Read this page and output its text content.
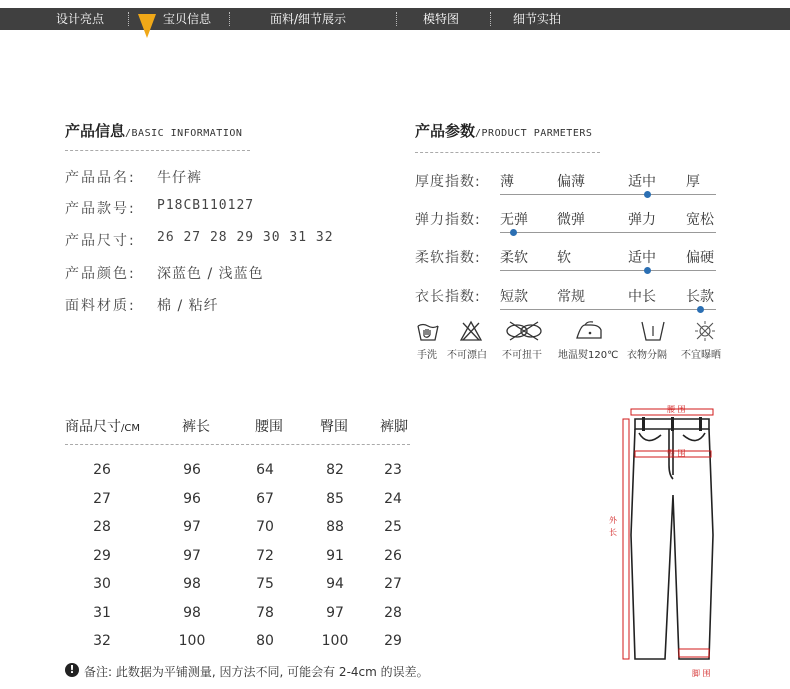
设计亮点	宝贝信息	面料/细节展示	模特图	细节实拍
产品信息/BASIC INFORMATION
产品品名: 牛仔裤
产品款号: P18CB110127
产品尺寸: 26 27 28 29 30 31 32
产品颜色: 深蓝色 / 浅蓝色
面料材质: 棉 / 粘纤
产品参数/PRODUCT PARMETERS
厚度指数: 薄	偏薄	适中 厚
弹力指数: 无弹 微弹	弹力 宽松
柔软指数: 柔软 软	适中 偏硬
衣长指数: 短款 常规	中长 长款
手洗 不可漂白 不可扭干 地温熨120℃ 衣物分隔 不宜曝晒
商品尺寸/CM	裤长	腰围	臀围 裤脚
26	96	64	82	23
27	96	67	85	24
28	97	70	88	25
29	97	72	91	26
30	98	75	94	27
31	98	78	97	28
32	100	80	100	29
! 备注: 此数据为平铺测量, 因方法不同, 可能会有 2-4cm 的误差。
腰 围
臀 围
外长
脚 围
